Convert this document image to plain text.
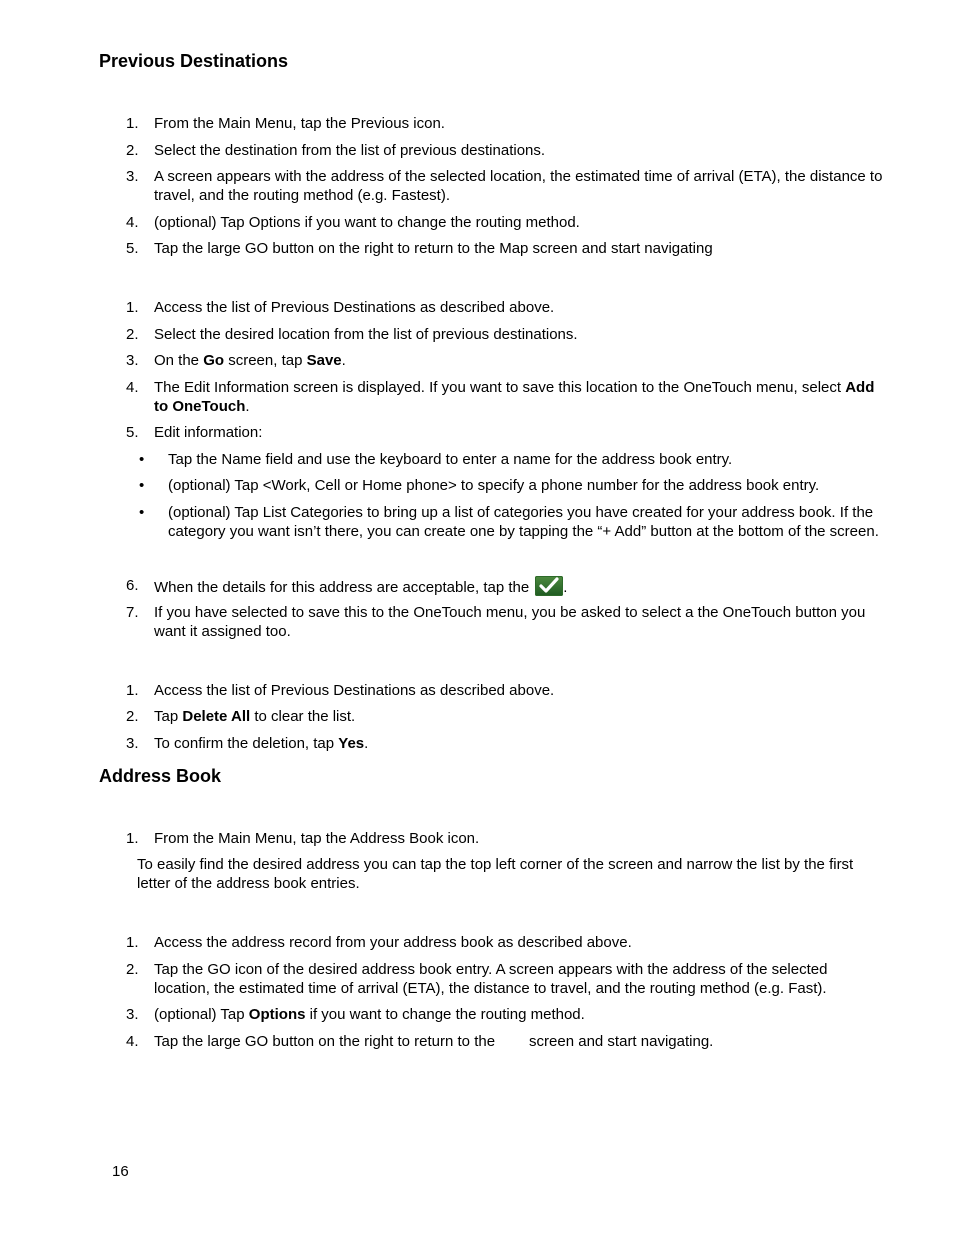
Previous Destinations
1.	From the Main Menu, tap the Previous icon.
2.	Select the destination from the list of previous destinations.
3.	A screen appears with the address of the selected location, the estimated time of arrival (ETA), the distance to travel, and the routing method (e.g. Fastest).
4.	(optional) Tap Options if you want to change the routing method.
5.	Tap the large GO button on the right to return to the Map screen and start navigating
1.	Access the list of Previous Destinations as described above.
2.	Select the desired location from the list of previous destinations.
3.	On the Go screen, tap Save.
4.	The Edit Information screen is displayed. If you want to save this location to the OneTouch menu, select Add to OneTouch.
5.	Edit information:
•	Tap the Name field and use the keyboard to enter a name for the address book entry.
•	(optional) Tap <Work, Cell or Home phone> to specify a phone number for the address book entry.
•	(optional) Tap List Categories to bring up a list of categories you have created for your address book. If the category you want isn’t there, you can create one by tapping the “+ Add” button at the bottom of the screen.
6.	When the details for this address are acceptable, tap the .
7.	If you have selected to save this to the OneTouch menu, you be asked to select a the OneTouch button you want it assigned too.
1.	Access the list of Previous Destinations as described above.
2.	Tap Delete All to clear the list.
3.	To confirm the deletion, tap Yes.
Address Book
1.	From the Main Menu, tap the Address Book icon.
To easily find the desired address you can tap the top left corner of the screen and narrow the list by the first letter of the address book entries.
1.	Access the address record from your address book as described above.
2.	Tap the GO icon of the desired address book entry. A screen appears with the address of the selected location, the estimated time of arrival (ETA), the distance to travel, and the routing method (e.g. Fast).
3.	(optional) Tap Options if you want to change the routing method.
4.	Tap the large GO button on the right to return to the screen and start navigating.
16
